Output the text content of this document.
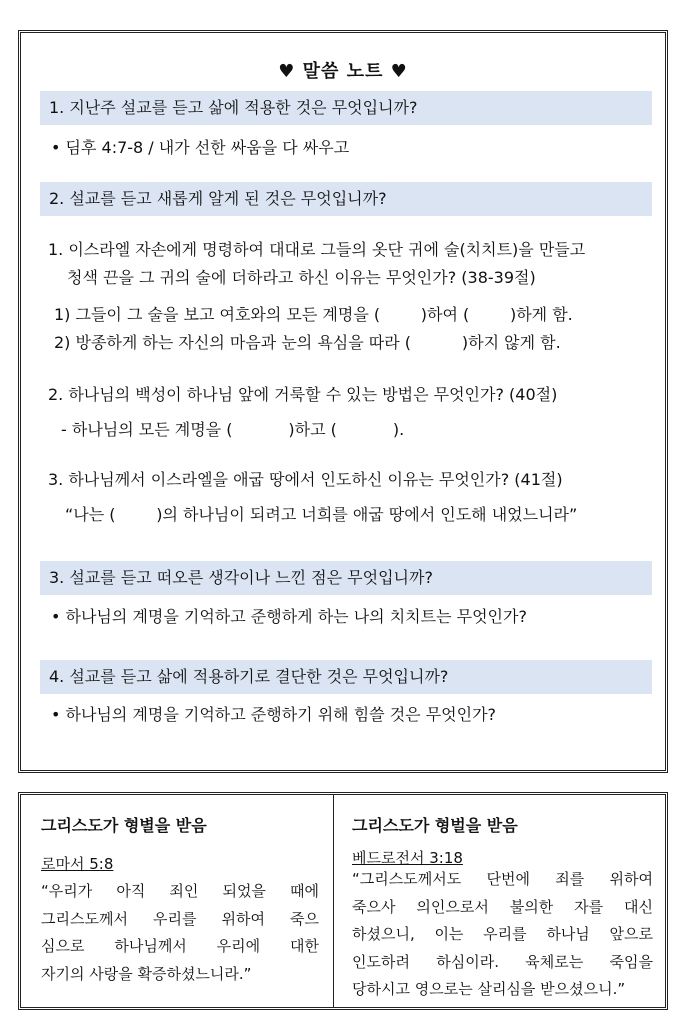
♥ 말씀 노트 ♥
1. 지난주 설교를 듣고 삶에 적용한 것은 무엇입니까?
• 딤후 4:7-8 / 내가 선한 싸움을 다 싸우고
2. 설교를 듣고 새롭게 알게 된 것은 무엇입니까?
1. 이스라엘 자손에게 명령하여 대대로 그들의 옷단 귀에 술(치치트)을 만들고
청색 끈을 그 귀의 술에 더하라고 하신 이유는 무엇인가? (38-39절)
1) 그들이 그 술을 보고 여호와의 모든 계명을 (        )하여 (        )하게 함.
2) 방종하게 하는 자신의 마음과 눈의 욕심을 따라 (          )하지 않게 함.
2. 하나님의 백성이 하나님 앞에 거룩할 수 있는 방법은 무엇인가? (40절)
- 하나님의 모든 계명을 (           )하고 (           ).
3. 하나님께서 이스라엘을 애굽 땅에서 인도하신 이유는 무엇인가? (41절)
“나는 (        )의 하나님이 되려고 너희를 애굽 땅에서 인도해 내었느니라”
3. 설교를 듣고 떠오른 생각이나 느낀 점은 무엇입니까?
• 하나님의 계명을 기억하고 준행하게 하는 나의 치치트는 무엇인가?
4. 설교를 듣고 삶에 적용하기로 결단한 것은 무엇입니까?
• 하나님의 계명을 기억하고 준행하기 위해 힘쓸 것은 무엇인가?
그리스도가 형별을 받음
로마서 5:8
“우리가 아직 죄인 되었을 때에
그리스도께서 우리를 위하여 죽으
심으로 하나님께서 우리에 대한
자기의 사랑을 확증하셨느니라.”
그리스도가 형벌을 받음
베드로전서 3:18
“그리스도께서도 단번에 죄를 위하여
죽으사 의인으로서 불의한 자를 대신
하셨으니, 이는 우리를 하나님 앞으로
인도하려 하심이라. 육체로는 죽임을
당하시고 영으로는 살리심을 받으셨으니.”
